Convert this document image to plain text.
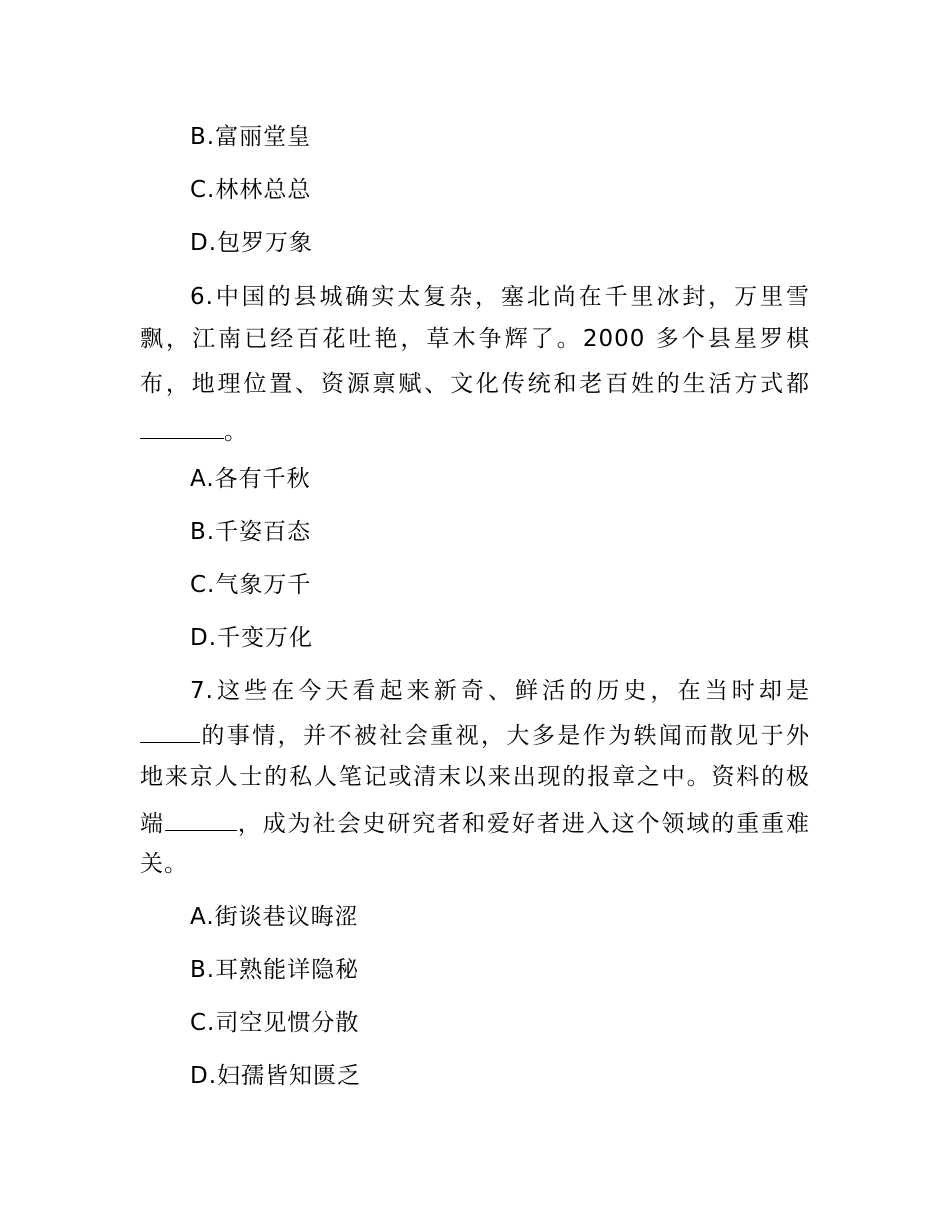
B.富丽堂皇
C.林林总总
D.包罗万象
6.中国的县城确实太复杂，塞北尚在千里冰封，万里雪
飘，江南已经百花吐艳，草木争辉了。2000 多个县星罗棋
布，地理位置、资源禀赋、文化传统和老百姓的生活方式都
。
A.各有千秋
B.千姿百态
C.气象万千
D.千变万化
7.这些在今天看起来新奇、鲜活的历史，在当时却是
的事情，并不被社会重视，大多是作为轶闻而散见于外
地来京人士的私人笔记或清末以来出现的报章之中。资料的极
端	，成为社会史研究者和爱好者进入这个领域的重重难
关。
A.街谈巷议晦涩
B.耳熟能详隐秘
C.司空见惯分散
D.妇孺皆知匮乏
